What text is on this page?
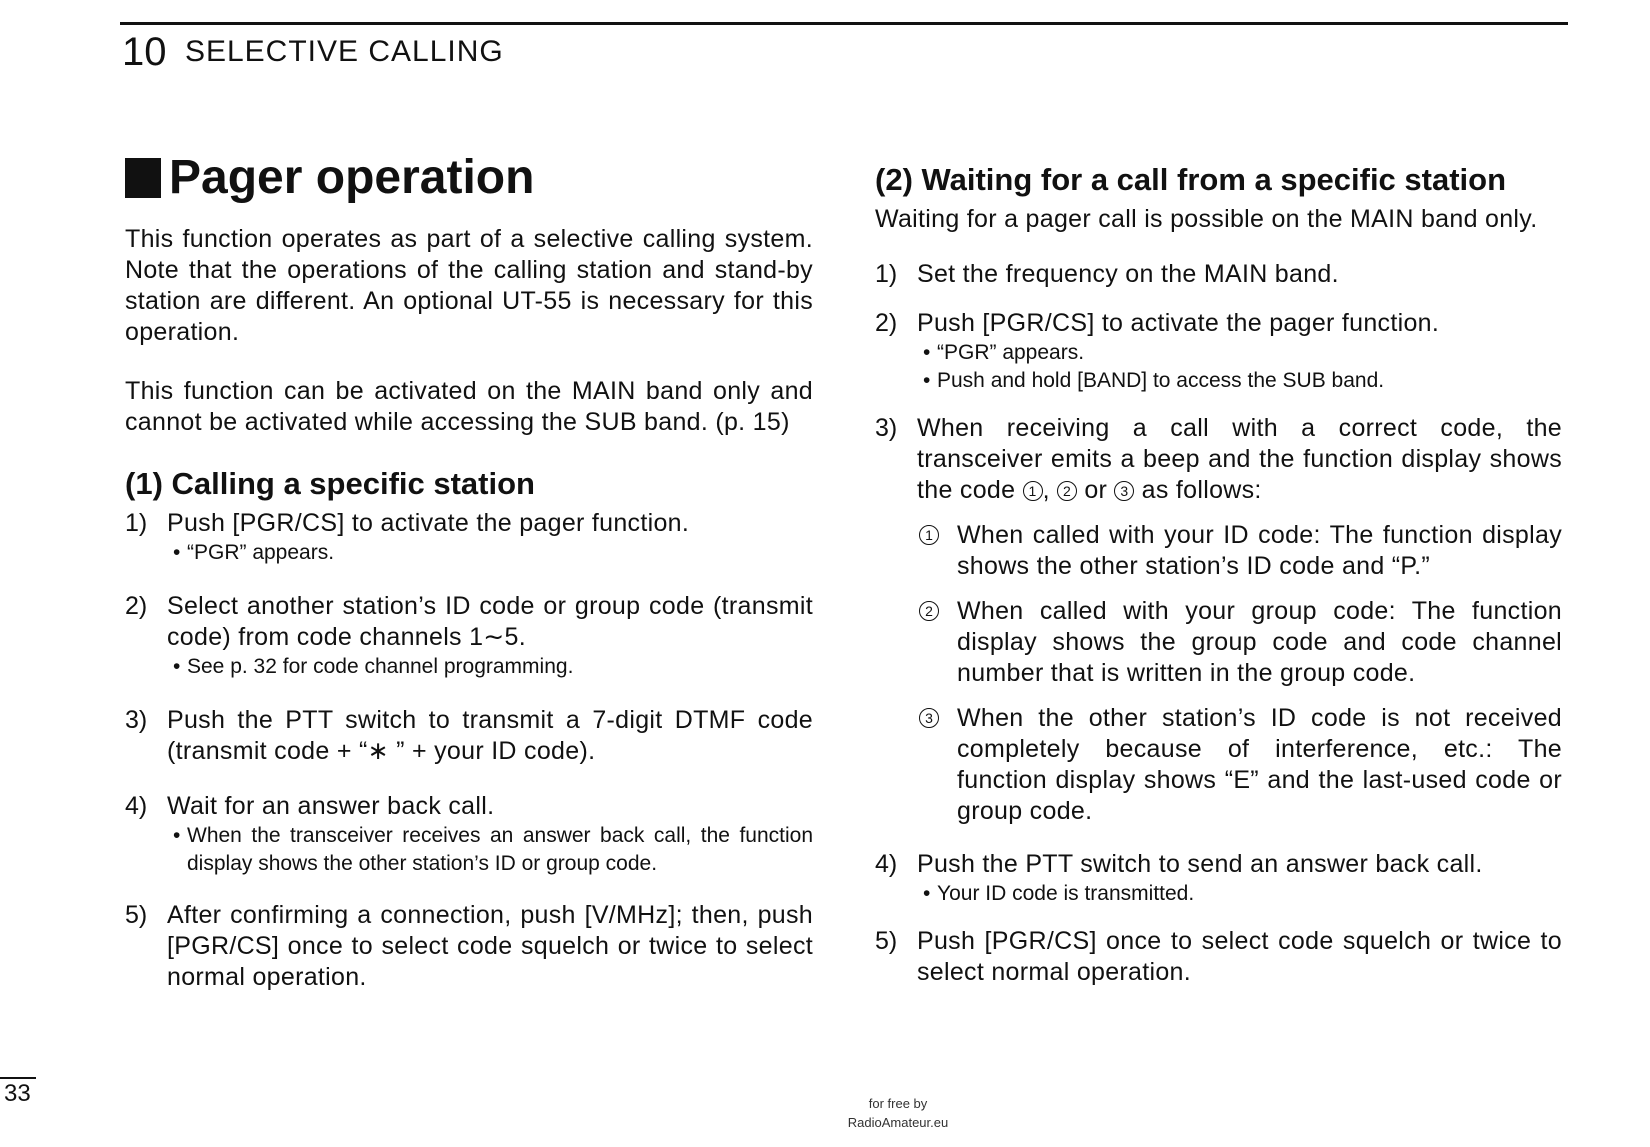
10 SELECTIVE CALLING
Pager operation

This function operates as part of a selective calling system. Note that the operations of the calling station and stand-by station are different. An optional UT-55 is necessary for this operation.

This function can be activated on the MAIN band only and cannot be activated while accessing the SUB band. (p. 15)

(1) Calling a specific station
1) Push [PGR/CS] to activate the pager function.
• “PGR” appears.
2) Select another station’s ID code or group code (transmit code) from code channels 1∼5.
• See p. 32 for code channel programming.
3) Push the PTT switch to transmit a 7-digit DTMF code (transmit code + “∗ ” + your ID code).
4) Wait for an answer back call.
• When the transceiver receives an answer back call, the function display shows the other station’s ID or group code.
5) After confirming a connection, push [V/MHz]; then, push [PGR/CS] once to select code squelch or twice to select normal operation.
(2) Waiting for a call from a specific station

Waiting for a pager call is possible on the MAIN band only.

1) Set the frequency on the MAIN band.
2) Push [PGR/CS] to activate the pager function.
• “PGR” appears.
• Push and hold [BAND] to access the SUB band.
3) When receiving a call with a correct code, the transceiver emits a beep and the function display shows the code 1 , 2 or 3 as follows:
1 When called with your ID code: The function display shows the other station’s ID code and “P.”
2 When called with your group code: The function display shows the group code and code channel number that is written in the group code.
3 When the other station’s ID code is not received completely because of interference, etc.: The function display shows “E” and the last-used code or group code.
4) Push the PTT switch to send an answer back call.
• Your ID code is transmitted.
5) Push [PGR/CS] once to select code squelch or twice to select normal operation.
33	for free by
RadioAmateur.eu
